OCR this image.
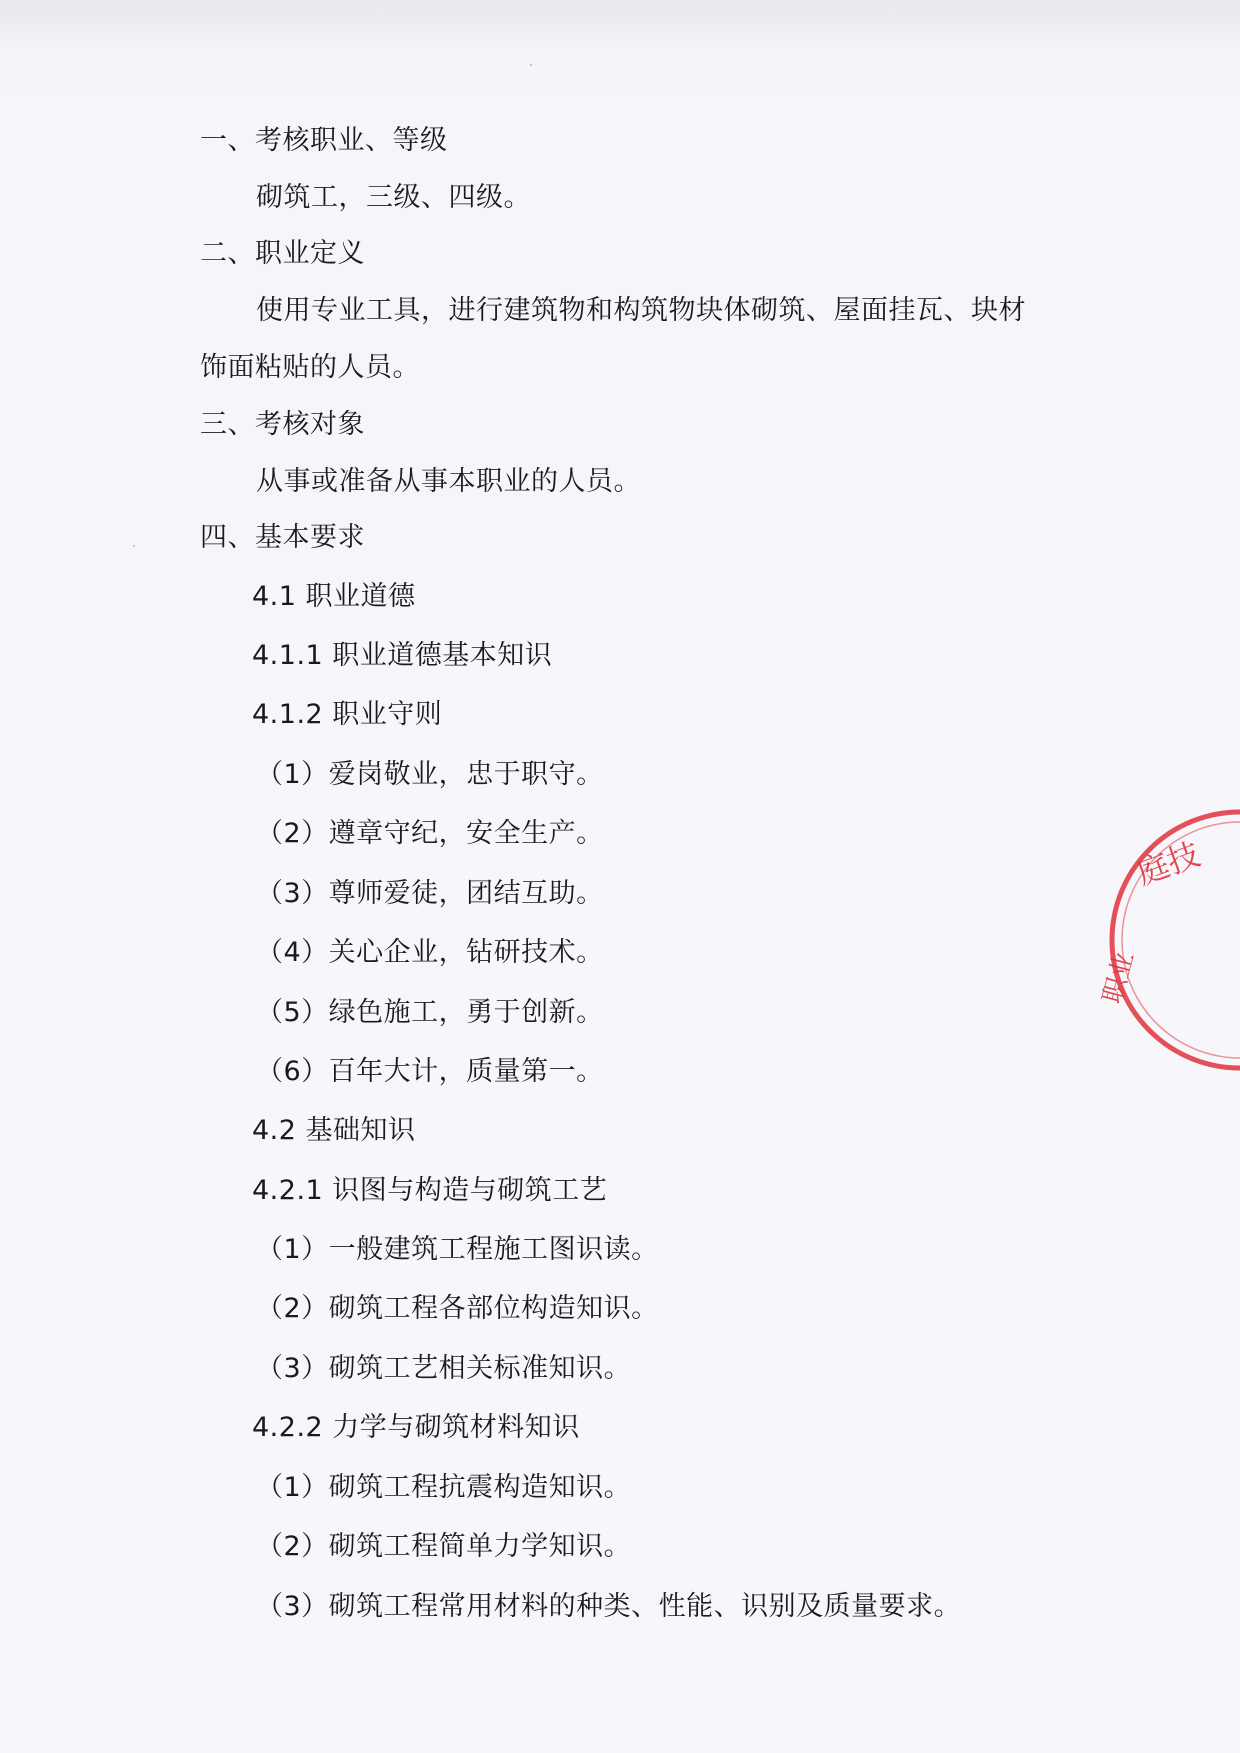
一、考核职业、等级
砌筑工，三级、四级。
二、职业定义
使用专业工具，进行建筑物和构筑物块体砌筑、屋面挂瓦、块材
饰面粘贴的人员。
三、考核对象
从事或准备从事本职业的人员。
四、基本要求
4.1 职业道德
4.1.1 职业道德基本知识
4.1.2 职业守则
（1）爱岗敬业，忠于职守。
（2）遵章守纪，安全生产。
（3）尊师爱徒，团结互助。
（4）关心企业，钻研技术。
（5）绿色施工，勇于创新。
（6）百年大计，质量第一。
4.2 基础知识
4.2.1 识图与构造与砌筑工艺
（1）一般建筑工程施工图识读。
（2）砌筑工程各部位构造知识。
（3）砌筑工艺相关标准知识。
4.2.2 力学与砌筑材料知识
（1）砌筑工程抗震构造知识。
（2）砌筑工程简单力学知识。
（3）砌筑工程常用材料的种类、性能、识别及质量要求。
庭技
职业
